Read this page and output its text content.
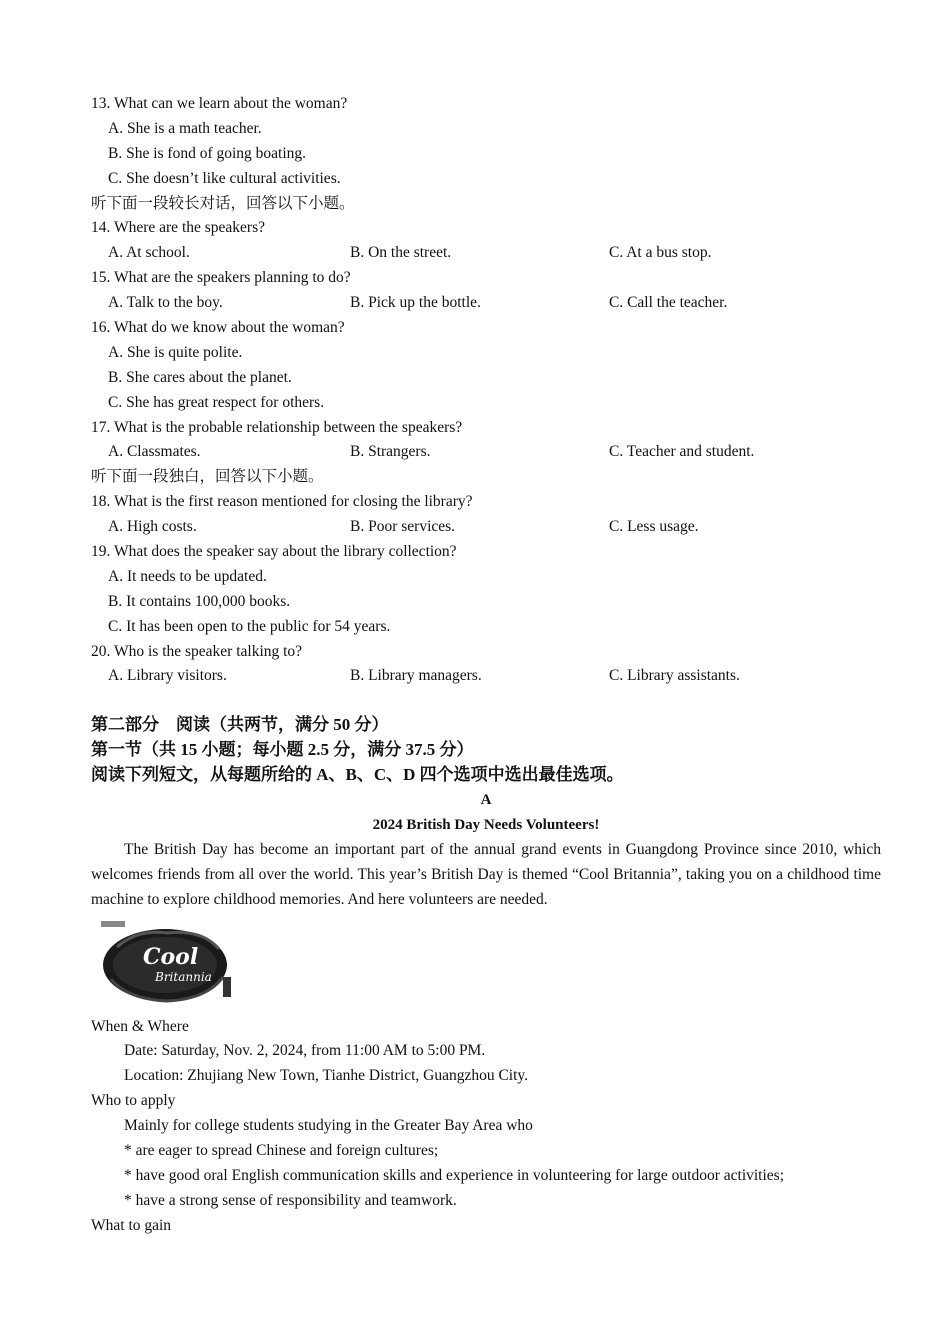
13. What can we learn about the woman?
A. She is a math teacher.
B. She is fond of going boating.
C. She doesn’t like cultural activities.
听下面一段较长对话，回答以下小题。
14. Where are the speakers?
A. At school.	B. On the street.	C. At a bus stop.
15. What are the speakers planning to do?
A. Talk to the boy.	B. Pick up the bottle.	C. Call the teacher.
16. What do we know about the woman?
A. She is quite polite.
B. She cares about the planet.
C. She has great respect for others.
17. What is the probable relationship between the speakers?
A. Classmates.	B. Strangers.	C. Teacher and student.
听下面一段独白，回答以下小题。
18. What is the first reason mentioned for closing the library?
A. High costs.	B. Poor services.	C. Less usage.
19. What does the speaker say about the library collection?
A. It needs to be updated.
B. It contains 100,000 books.
C. It has been open to the public for 54 years.
20. Who is the speaker talking to?
A. Library visitors.	B. Library managers.	C. Library assistants.
第二部分　阅读（共两节，满分 50 分）
第一节（共 15 小题；每小题 2.5 分，满分 37.5 分）
阅读下列短文，从每题所给的 A、B、C、D 四个选项中选出最佳选项。
A
2024 British Day Needs Volunteers!

The British Day has become an important part of the annual grand events in Guangdong Province since 2010, which welcomes friends from all over the world. This year’s British Day is themed “Cool Britannia”, taking you on a childhood time machine to explore childhood memories. And here volunteers are needed.

Cool
Britannia
When & Where
Date: Saturday, Nov. 2, 2024, from 11:00 AM to 5:00 PM.
Location: Zhujiang New Town, Tianhe District, Guangzhou City.
Who to apply
Mainly for college students studying in the Greater Bay Area who
* are eager to spread Chinese and foreign cultures;
* have good oral English communication skills and experience in volunteering for large outdoor activities;
* have a strong sense of responsibility and teamwork.
What to gain
